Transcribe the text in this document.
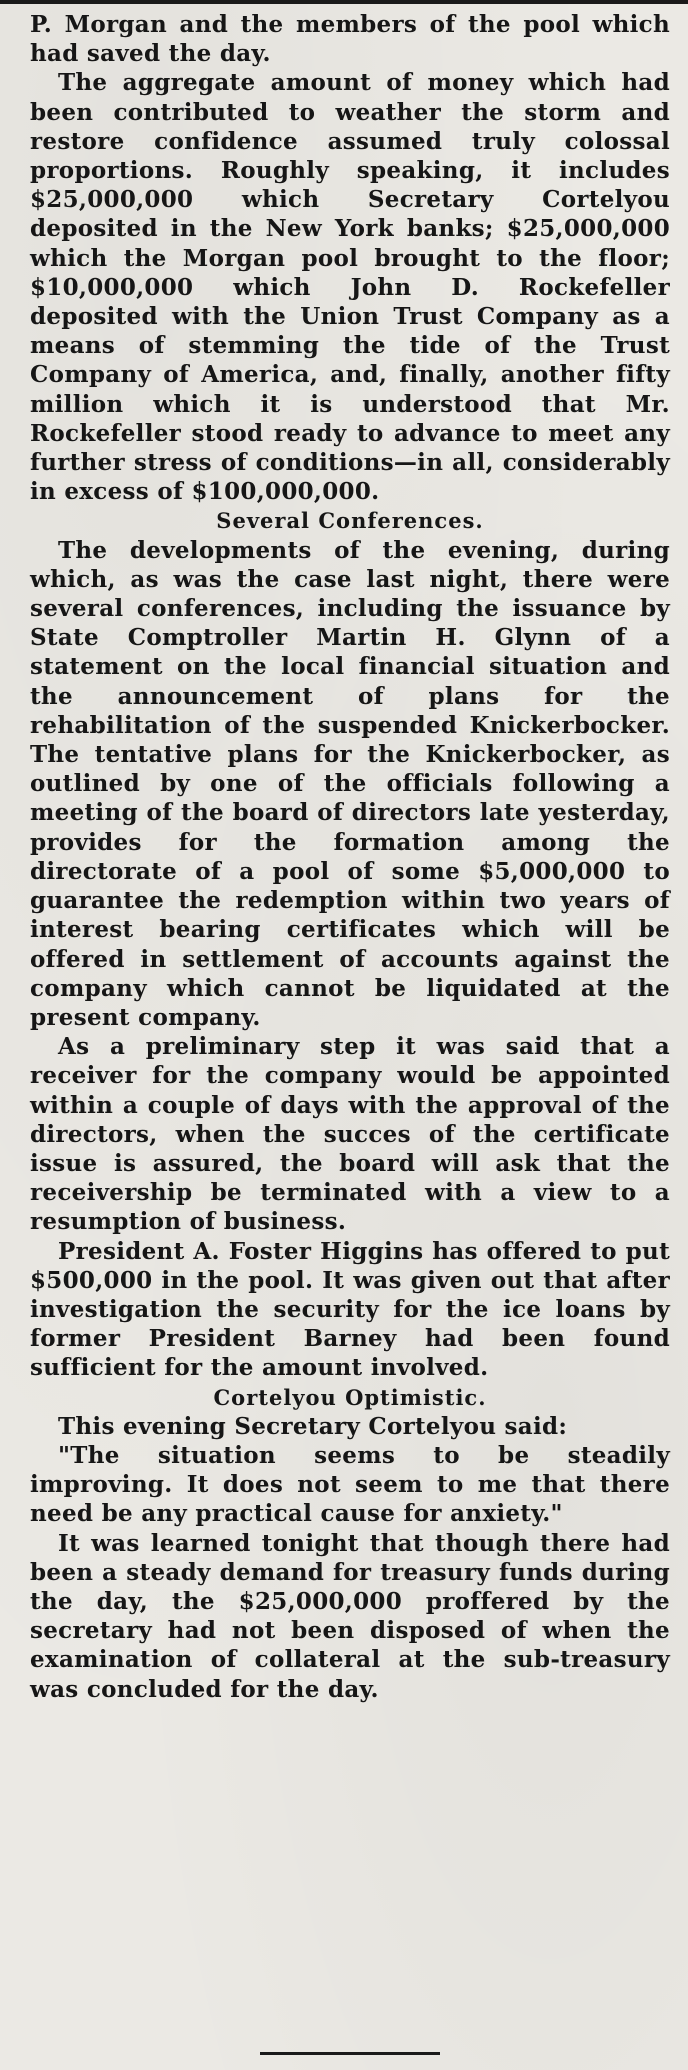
P. Morgan and the members of the pool which had saved the day.

The aggregate amount of money which had been contributed to weather the storm and restore confidence assumed truly colossal proportions. Roughly speaking, it includes $25,000,000 which Secretary Cortelyou deposited in the New York banks; $25,000,000 which the Morgan pool brought to the floor; $10,000,000 which John D. Rockefeller deposited with the Union Trust Company as a means of stemming the tide of the Trust Company of America, and, finally, another fifty million which it is understood that Mr. Rockefeller stood ready to advance to meet any further stress of conditions—in all, considerably in excess of $100,000,000.

Several Conferences.

The developments of the evening, during which, as was the case last night, there were several conferences, including the issuance by State Comptroller Martin H. Glynn of a statement on the local financial situation and the announcement of plans for the rehabilitation of the suspended Knickerbocker. The tentative plans for the Knickerbocker, as outlined by one of the officials following a meeting of the board of directors late yesterday, provides for the formation among the directorate of a pool of some $5,000,000 to guarantee the redemption within two years of interest bearing certificates which will be offered in settlement of accounts against the company which cannot be liquidated at the present company.

As a preliminary step it was said that a receiver for the company would be appointed within a couple of days with the approval of the directors, when the succes of the certificate issue is assured, the board will ask that the receivership be terminated with a view to a resumption of business.

President A. Foster Higgins has offered to put $500,000 in the pool. It was given out that after investigation the security for the ice loans by former President Barney had been found sufficient for the amount involved.

Cortelyou Optimistic.

This evening Secretary Cortelyou said:

"The situation seems to be steadily improving. It does not seem to me that there need be any practical cause for anxiety."

It was learned tonight that though there had been a steady demand for treasury funds during the day, the $25,000,000 proffered by the secretary had not been disposed of when the examination of collateral at the sub-treasury was concluded for the day.
